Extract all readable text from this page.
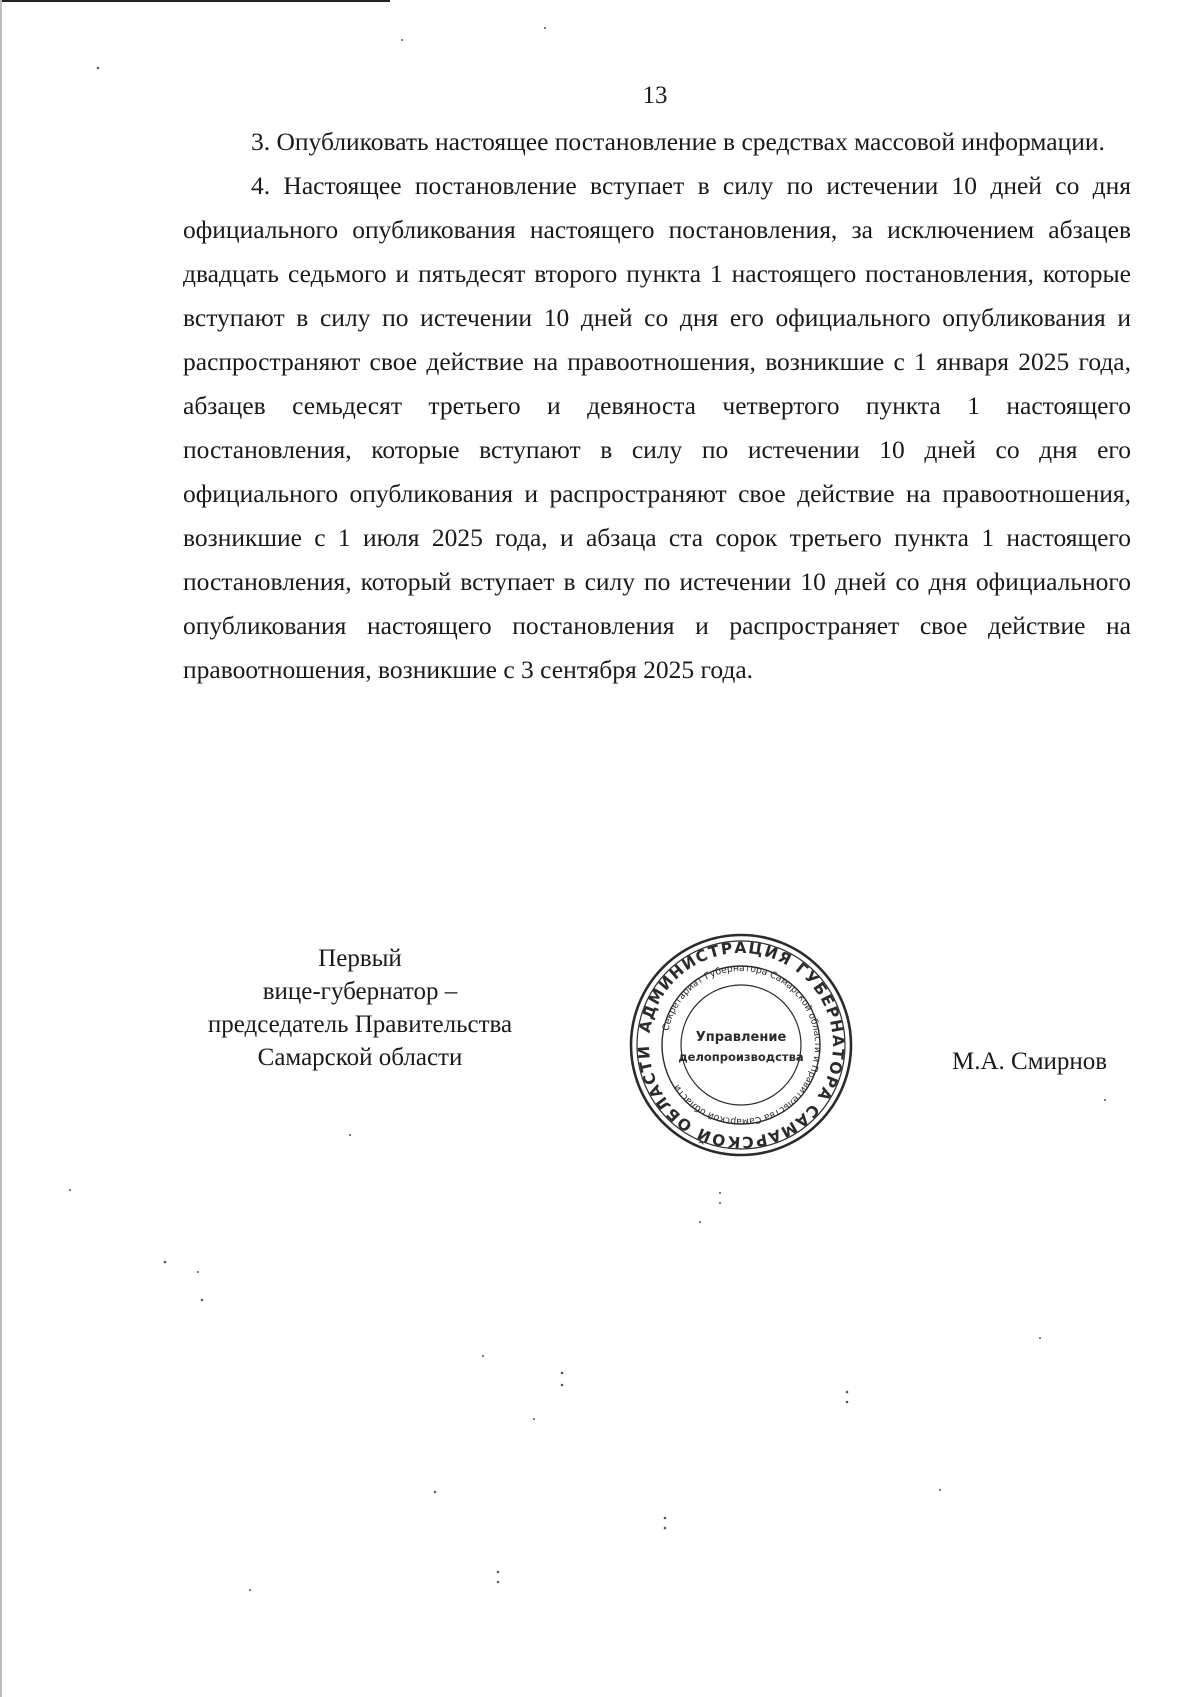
13

3. Опубликовать настоящее постановление в средствах массовой информации.

4. Настоящее постановление вступает в силу по истечении 10 дней со дня официального опубликования настоящего постановления, за исключением абзацев двадцать седьмого и пятьдесят второго пункта 1 настоящего постановления, которые вступают в силу по истечении 10 дней со дня его официального опубликования и распространяют свое действие на правоотношения, возникшие с 1 января 2025 года, абзацев семьдесят третьего и девяноста четвертого пункта 1 настоящего постановления, которые вступают в силу по истечении 10 дней со дня его официального опубликования и распространяют свое действие на правоотношения, возникшие с 1 июля 2025 года, и абзаца ста сорок третьего пункта 1 настоящего постановления, который вступает в силу по истечении 10 дней со дня официального опубликования настоящего постановления и распространяет свое действие на правоотношения, возникшие с 3 сентября 2025 года.

Первый
вице-губернатор –
председатель Правительства
Самарской области
АДМИНИСТРАЦИЯ ГУБЕРНАТОРА САМАРСКОЙ ОБЛАСТИ
Секретариат Губернатора Самарской области и Правительства Самарской области
Управление
делопроизводства	М.А. Смирнов
